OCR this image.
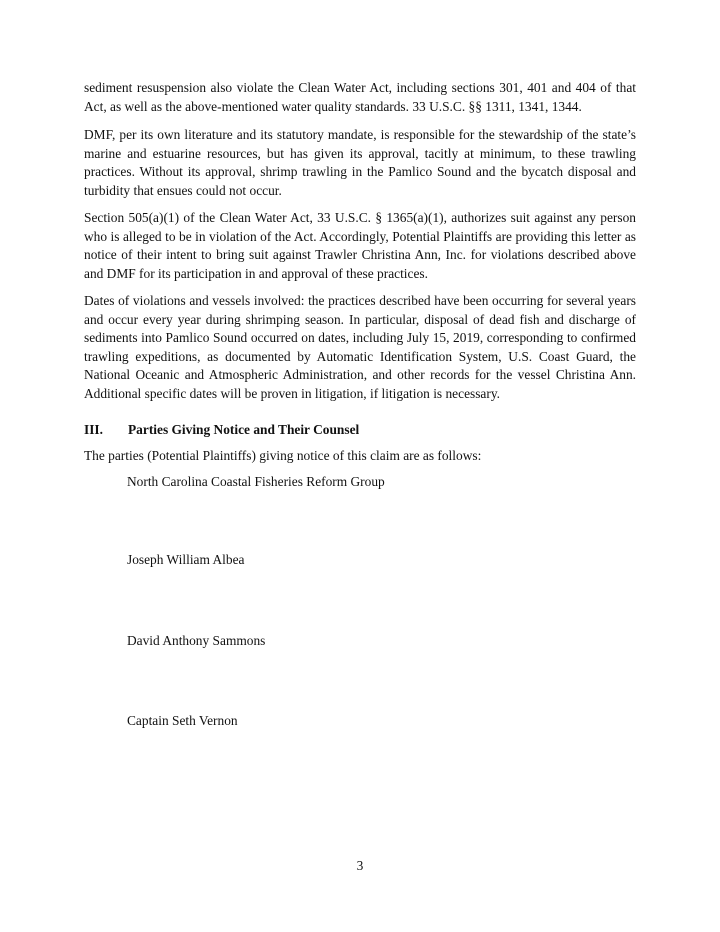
sediment resuspension also violate the Clean Water Act, including sections 301, 401 and 404 of that Act, as well as the above-mentioned water quality standards. 33 U.S.C. §§ 1311, 1341, 1344.

DMF, per its own literature and its statutory mandate, is responsible for the stewardship of the state’s marine and estuarine resources, but has given its approval, tacitly at minimum, to these trawling practices. Without its approval, shrimp trawling in the Pamlico Sound and the bycatch disposal and turbidity that ensues could not occur.

Section 505(a)(1) of the Clean Water Act, 33 U.S.C. § 1365(a)(1), authorizes suit against any person who is alleged to be in violation of the Act. Accordingly, Potential Plaintiffs are providing this letter as notice of their intent to bring suit against Trawler Christina Ann, Inc. for violations described above and DMF for its participation in and approval of these practices.

Dates of violations and vessels involved: the practices described have been occurring for several years and occur every year during shrimping season. In particular, disposal of dead fish and discharge of sediments into Pamlico Sound occurred on dates, including July 15, 2019, corresponding to confirmed trawling expeditions, as documented by Automatic Identification System, U.S. Coast Guard, the National Oceanic and Atmospheric Administration, and other records for the vessel Christina Ann. Additional specific dates will be proven in litigation, if litigation is necessary.

III. Parties Giving Notice and Their Counsel

The parties (Potential Plaintiffs) giving notice of this claim are as follows:

North Carolina Coastal Fisheries Reform Group

Joseph William Albea

David Anthony Sammons

Captain Seth Vernon

3
